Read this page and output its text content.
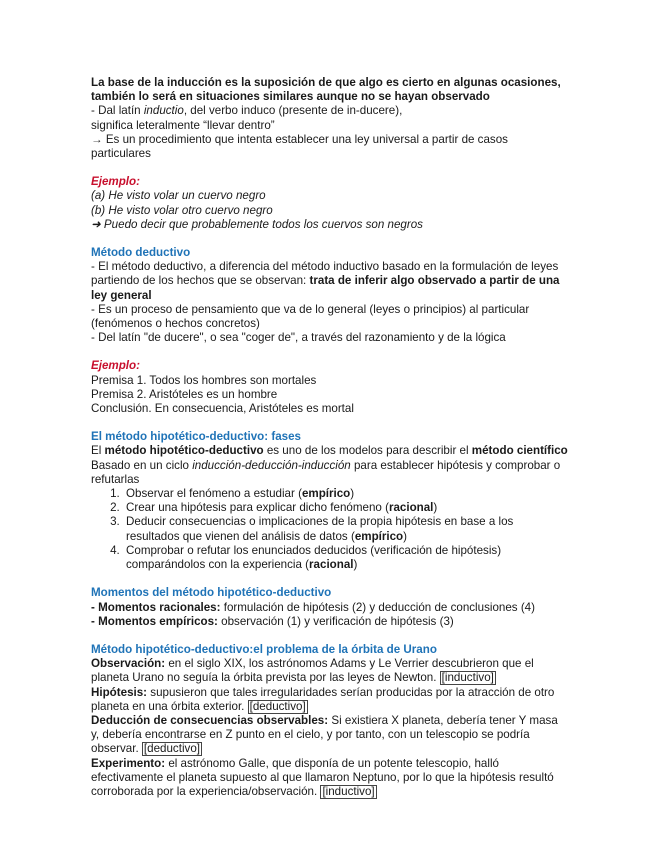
La base de la inducción es la suposición de que algo es cierto en algunas ocasiones, también lo será en situaciones similares aunque no se hayan observado

- Dal latín inductio, del verbo induco (presente de in-ducere),

significa leteralmente “llevar dentro”

→ Es un procedimiento que intenta establecer una ley universal a partir de casos particulares

Ejemplo:

(a) He visto volar un cuervo negro

(b) He visto volar otro cuervo negro

➜ Puedo decir que probablemente todos los cuervos son negros

Método deductivo

- El método deductivo, a diferencia del método inductivo basado en la formulación de leyes partiendo de los hechos que se observan: trata de inferir algo observado a partir de una ley general

- Es un proceso de pensamiento que va de lo general (leyes o principios) al particular (fenómenos o hechos concretos)

- Del latín "de ducere", o sea "coger de", a través del razonamiento y de la lógica

Ejemplo:

Premisa 1. Todos los hombres son mortales

Premisa 2. Aristóteles es un hombre

Conclusión. En consecuencia, Aristóteles es mortal

El método hipotético-deductivo: fases

El método hipotético-deductivo es uno de los modelos para describir el método científico Basado en un ciclo inducción-deducción-inducción para establecer hipótesis y comprobar o refutarlas

1. Observar el fenómeno a estudiar (empírico)
2. Crear una hipótesis para explicar dicho fenómeno (racional)
3. Deducir consecuencias o implicaciones de la propia hipótesis en base a los resultados que vienen del análisis de datos (empírico)
4. Comprobar o refutar los enunciados deducidos (verificación de hipótesis) comparándolos con la experiencia (racional)

Momentos del método hipotético-deductivo

- Momentos racionales: formulación de hipótesis (2) y deducción de conclusiones (4)

- Momentos empíricos: observación (1) y verificación de hipótesis (3)

Método hipotético-deductivo:el problema de la órbita de Urano

Observación: en el siglo XIX, los astrónomos Adams y Le Verrier descubrieron que el planeta Urano no seguía la órbita prevista por las leyes de Newton. [inductivo]

Hipótesis: supusieron que tales irregularidades serían producidas por la atracción de otro planeta en una órbita exterior. [deductivo]

Deducción de consecuencias observables: Si existiera X planeta, debería tener Y masa y, debería encontrarse en Z punto en el cielo, y por tanto, con un telescopio se podría observar. [deductivo]

Experimento: el astrónomo Galle, que disponía de un potente telescopio, halló efectivamente el planeta supuesto al que llamaron Neptuno, por lo que la hipótesis resultó corroborada por la experiencia/observación. [inductivo]
